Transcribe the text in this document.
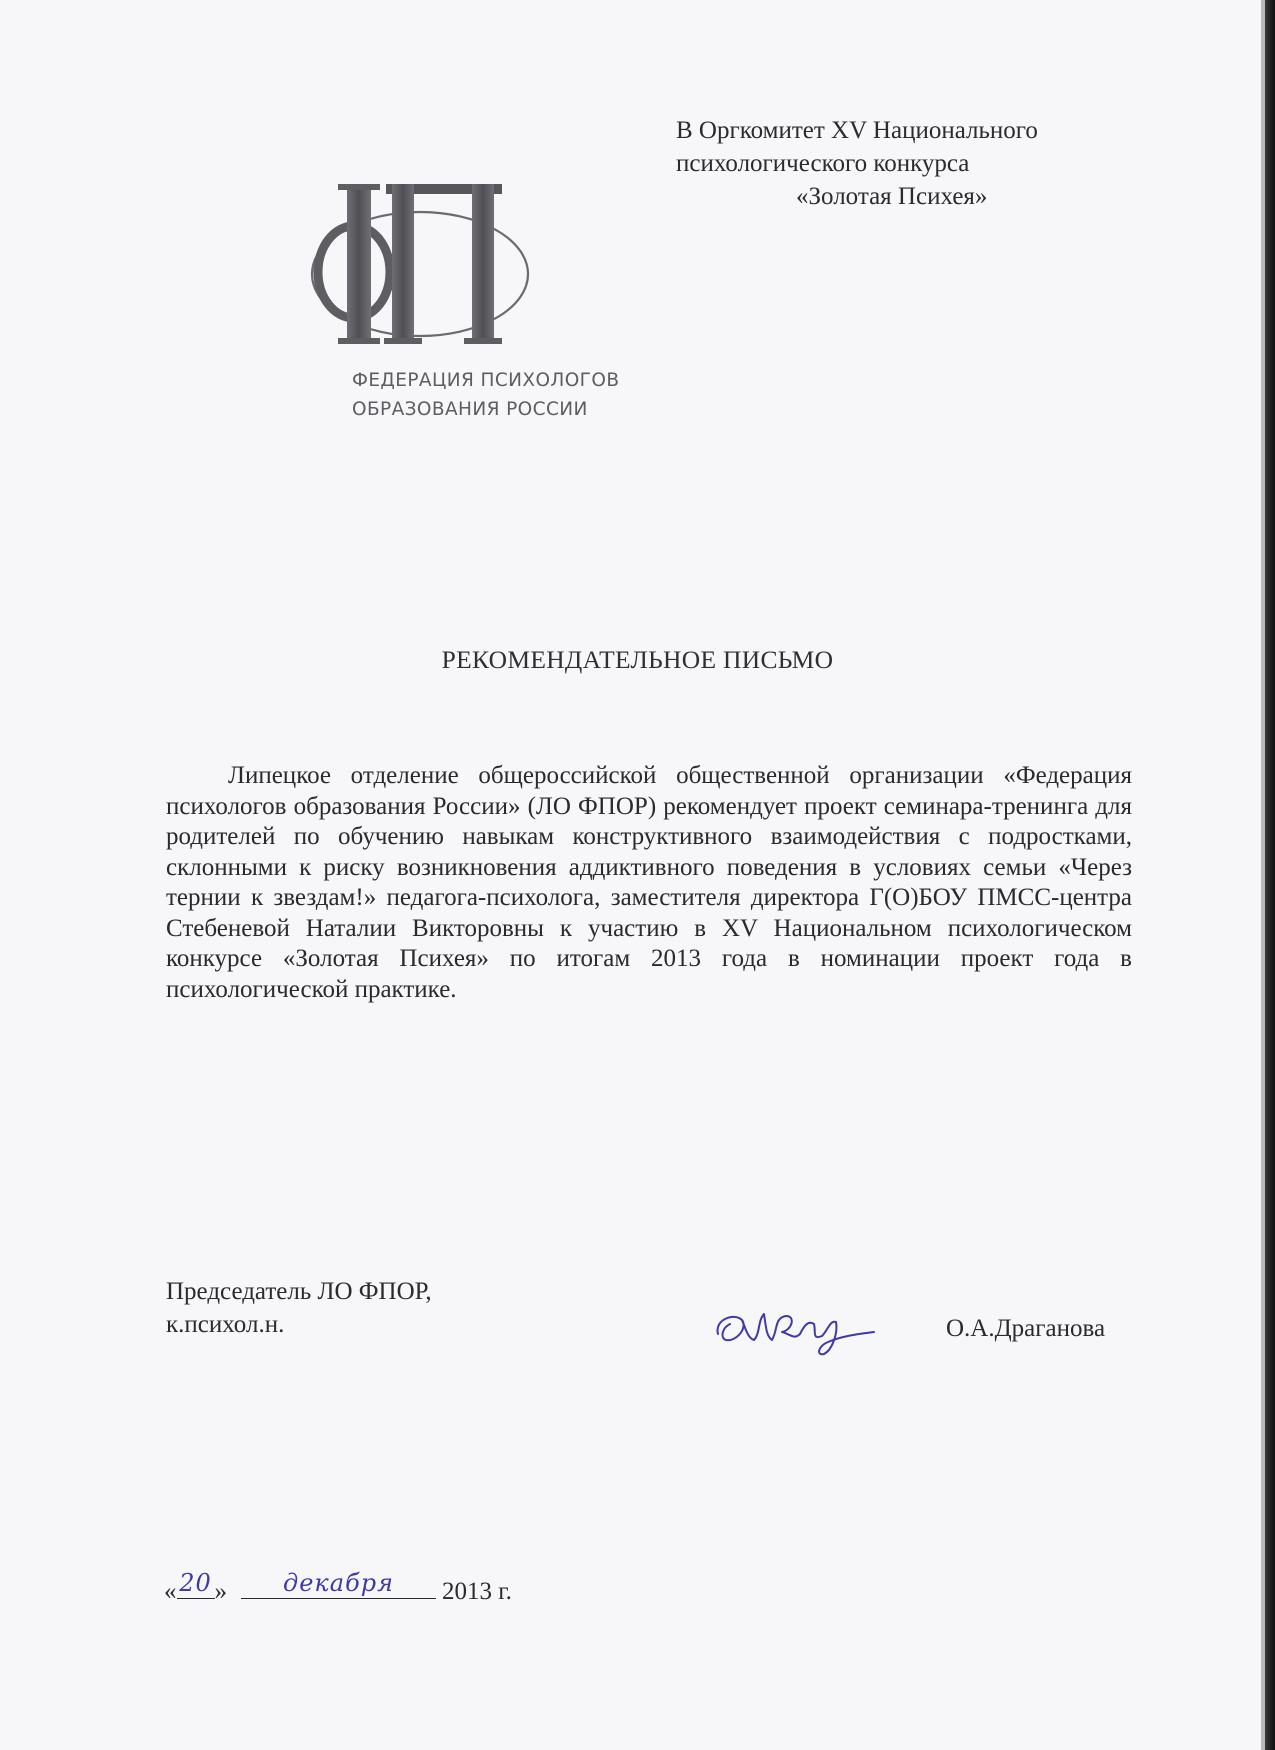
В Оргкомитет XV Национального
психологического конкурса
«Золотая Психея»
ФЕДЕРАЦИЯ ПСИХОЛОГОВ
ОБРАЗОВАНИЯ РОССИИ
РЕКОМЕНДАТЕЛЬНОЕ ПИСЬМО

Липецкое отделение общероссийской общественной организации «Федерация психологов образования России» (ЛО ФПОР) рекомендует проект семинара-тренинга для родителей по обучению навыкам конструктивного взаимодействия с подростками, склонными к риску возникновения аддиктивного поведения в условиях семьи «Через тернии к звездам!» педагога-психолога, заместителя директора Г(О)БОУ ПМСС-центра Стебеневой Наталии Викторовны к участию в XV Национальном психологическом конкурсе «Золотая Психея» по итогам 2013 года в номинации проект года в психологической практике.

Председатель ЛО ФПОР,
к.психол.н.	О.А.Драганова
« 20 »	декабря	2013 г.
